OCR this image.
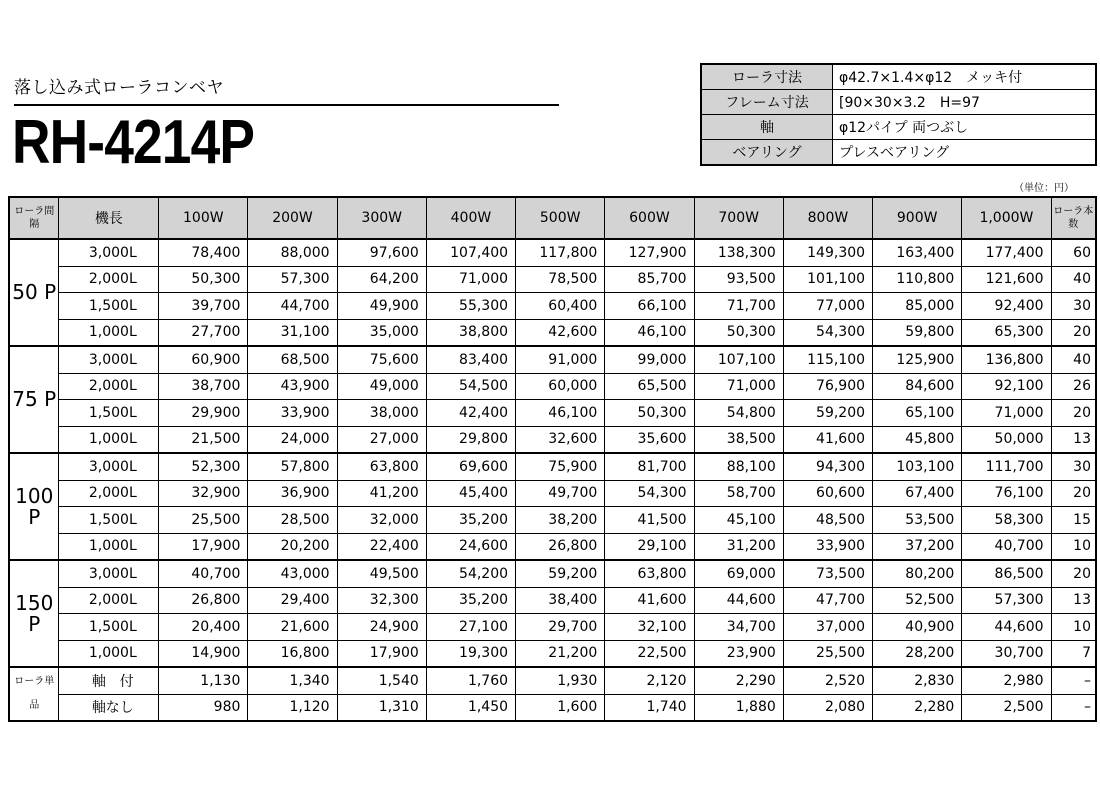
落し込み式ローラコンベヤ
RH-4214P
ローラ寸法	φ42.7×1.4×φ12　メッキ付
フレーム寸法	[90×30×3.2　H=97
軸	φ12パイプ 両つぶし
ベアリング	プレスベアリング
（単位：円）
ローラ間隔	機長	100W	200W	300W	400W	500W	600W	700W	800W	900W	1,000W	ローラ本数
50 P	3,000L	78,400	88,000	97,600	107,400	117,800	127,900	138,300	149,300	163,400	177,400	60
	2,000L	50,300	57,300	64,200	71,000	78,500	85,700	93,500	101,100	110,800	121,600	40
	1,500L	39,700	44,700	49,900	55,300	60,400	66,100	71,700	77,000	85,000	92,400	30
	1,000L	27,700	31,100	35,000	38,800	42,600	46,100	50,300	54,300	59,800	65,300	20
75 P	3,000L	60,900	68,500	75,600	83,400	91,000	99,000	107,100	115,100	125,900	136,800	40
	2,000L	38,700	43,900	49,000	54,500	60,000	65,500	71,000	76,900	84,600	92,100	26
	1,500L	29,900	33,900	38,000	42,400	46,100	50,300	54,800	59,200	65,100	71,000	20
	1,000L	21,500	24,000	27,000	29,800	32,600	35,600	38,500	41,600	45,800	50,000	13
100 P	3,000L	52,300	57,800	63,800	69,600	75,900	81,700	88,100	94,300	103,100	111,700	30
	2,000L	32,900	36,900	41,200	45,400	49,700	54,300	58,700	60,600	67,400	76,100	20
	1,500L	25,500	28,500	32,000	35,200	38,200	41,500	45,100	48,500	53,500	58,300	15
	1,000L	17,900	20,200	22,400	24,600	26,800	29,100	31,200	33,900	37,200	40,700	10
150 P	3,000L	40,700	43,000	49,500	54,200	59,200	63,800	69,000	73,500	80,200	86,500	20
	2,000L	26,800	29,400	32,300	35,200	38,400	41,600	44,600	47,700	52,500	57,300	13
	1,500L	20,400	21,600	24,900	27,100	29,700	32,100	34,700	37,000	40,900	44,600	10
	1,000L	14,900	16,800	17,900	19,300	21,200	22,500	23,900	25,500	28,200	30,700	7
ローラ単品	軸　付	1,130	1,340	1,540	1,760	1,930	2,120	2,290	2,520	2,830	2,980	–
	軸なし	980	1,120	1,310	1,450	1,600	1,740	1,880	2,080	2,280	2,500	–
